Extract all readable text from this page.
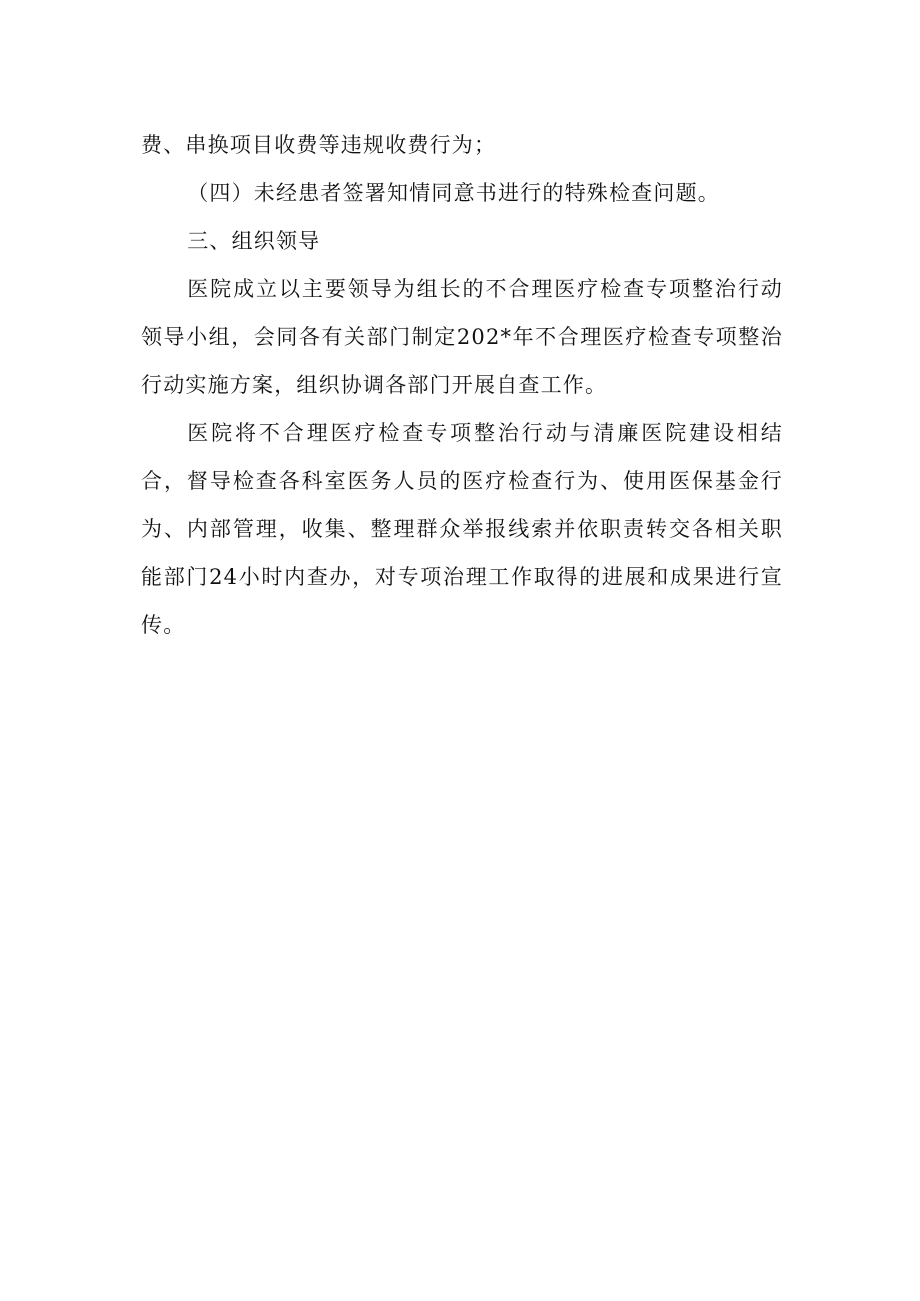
费、串换项目收费等违规收费行为；

（四）未经患者签署知情同意书进行的特殊检查问题。

三、组织领导

医院成立以主要领导为组长的不合理医疗检查专项整治行动领导小组，会同各有关部门制定202*年不合理医疗检查专项整治行动实施方案，组织协调各部门开展自查工作。

医院将不合理医疗检查专项整治行动与清廉医院建设相结合，督导检查各科室医务人员的医疗检查行为、使用医保基金行为、内部管理，收集、整理群众举报线索并依职责转交各相关职能部门24小时内查办，对专项治理工作取得的进展和成果进行宣传。
